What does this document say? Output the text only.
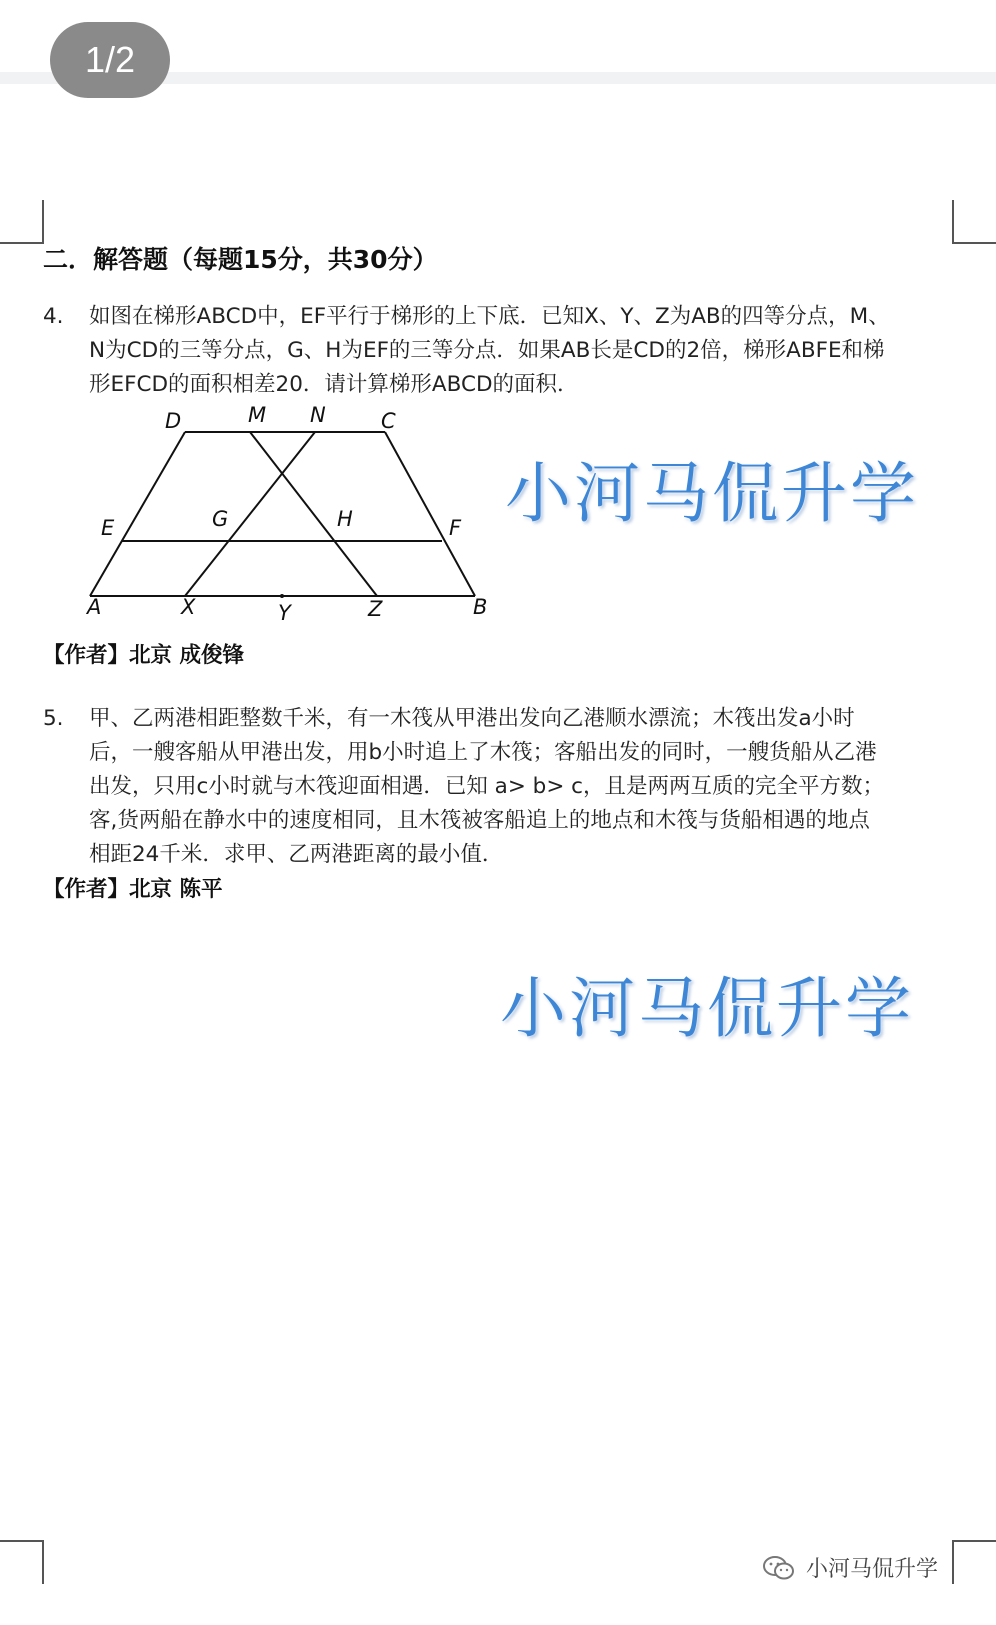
1/2
二．解答题（每题15分，共30分）
4. 如图在梯形ABCD中，EF平行于梯形的上下底．已知X、Y、Z为AB的四等分点，M、
N为CD的三等分点，G、H为EF的三等分点．如果AB长是CD的2倍，梯形ABFE和梯
形EFCD的面积相差20．请计算梯形ABCD的面积．
D	M N	C
E	G	H	F
A	X	Y	Z	B
【作者】北京 成俊锋
5. 甲、乙两港相距整数千米，有一木筏从甲港出发向乙港顺水漂流；木筏出发a小时
后，一艘客船从甲港出发，用b小时追上了木筏；客船出发的同时，一艘货船从乙港
出发，只用c小时就与木筏迎面相遇．已知 a> b> c，且是两两互质的完全平方数；
客,货两船在静水中的速度相同，且木筏被客船追上的地点和木筏与货船相遇的地点
相距24千米．求甲、乙两港距离的最小值．
【作者】北京 陈平
小河马侃升学
小河马侃升学
小河马侃升学
